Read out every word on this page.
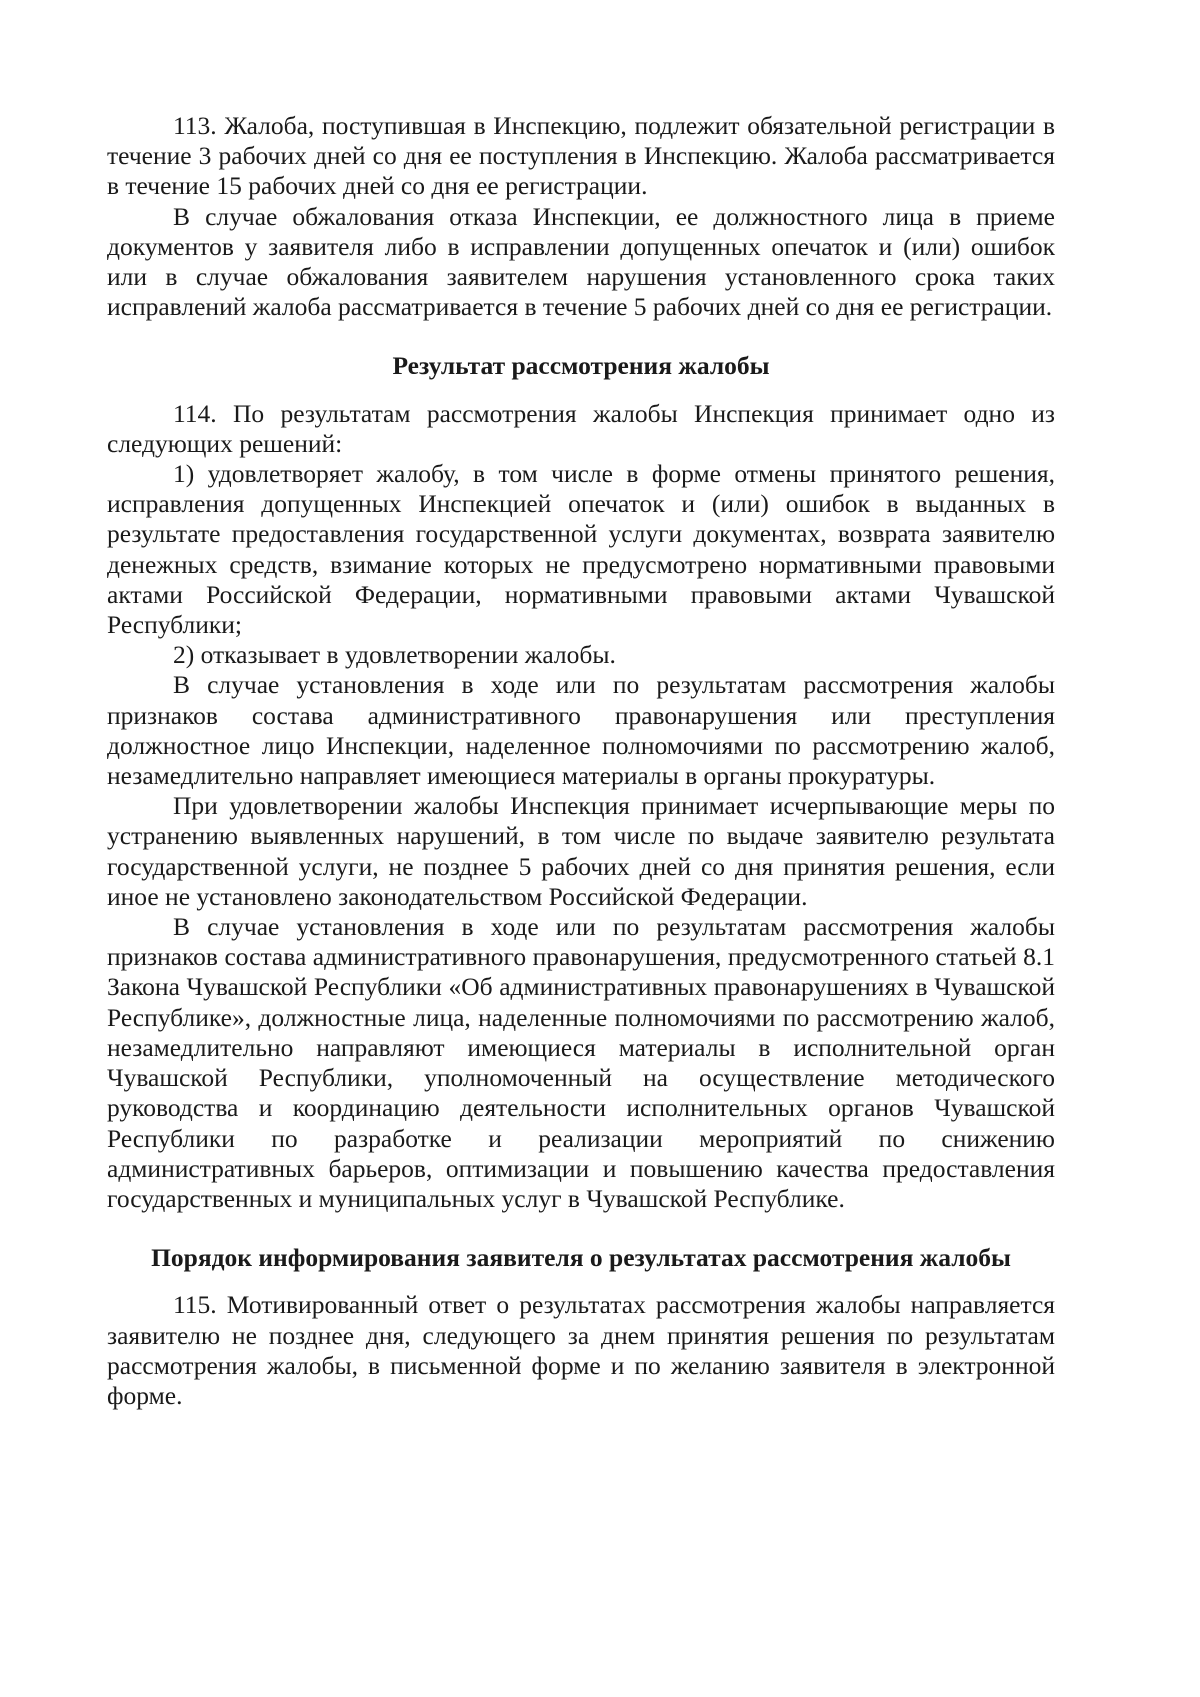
113. Жалоба, поступившая в Инспекцию, подлежит обязательной регистрации в течение 3 рабочих дней со дня ее поступления в Инспекцию. Жалоба рассматривается в течение 15 рабочих дней со дня ее регистрации.

В случае обжалования отказа Инспекции, ее должностного лица в приеме документов у заявителя либо в исправлении допущенных опечаток и (или) ошибок или в случае обжалования заявителем нарушения установленного срока таких исправлений жалоба рассматривается в течение 5 рабочих дней со дня ее регистрации.

Результат рассмотрения жалобы

114. По результатам рассмотрения жалобы Инспекция принимает одно из следующих решений:

1) удовлетворяет жалобу, в том числе в форме отмены принятого решения, исправления допущенных Инспекцией опечаток и (или) ошибок в выданных в результате предоставления государственной услуги документах, возврата заявителю денежных средств, взимание которых не предусмотрено нормативными правовыми актами Российской Федерации, нормативными правовыми актами Чувашской Республики;

2) отказывает в удовлетворении жалобы.

В случае установления в ходе или по результатам рассмотрения жалобы признаков состава административного правонарушения или преступления должностное лицо Инспекции, наделенное полномочиями по рассмотрению жалоб, незамедлительно направляет имеющиеся материалы в органы прокуратуры.

При удовлетворении жалобы Инспекция принимает исчерпывающие меры по устранению выявленных нарушений, в том числе по выдаче заявителю результата государственной услуги, не позднее 5 рабочих дней со дня принятия решения, если иное не установлено законодательством Российской Федерации.

В случае установления в ходе или по результатам рассмотрения жалобы признаков состава административного правонарушения, предусмотренного статьей 8.1 Закона Чувашской Республики «Об административных правонарушениях в Чувашской Республике», должностные лица, наделенные полномочиями по рассмотрению жалоб, незамедлительно направляют имеющиеся материалы в исполнительной орган Чувашской Республики, уполномоченный на осуществление методического руководства и координацию деятельности исполнительных органов Чувашской Республики по разработке и реализации мероприятий по снижению административных барьеров, оптимизации и повышению качества предоставления государственных и муниципальных услуг в Чувашской Республике.

Порядок информирования заявителя о результатах рассмотрения жалобы

115. Мотивированный ответ о результатах рассмотрения жалобы направляется заявителю не позднее дня, следующего за днем принятия решения по результатам рассмотрения жалобы, в письменной форме и по желанию заявителя в электронной форме.
